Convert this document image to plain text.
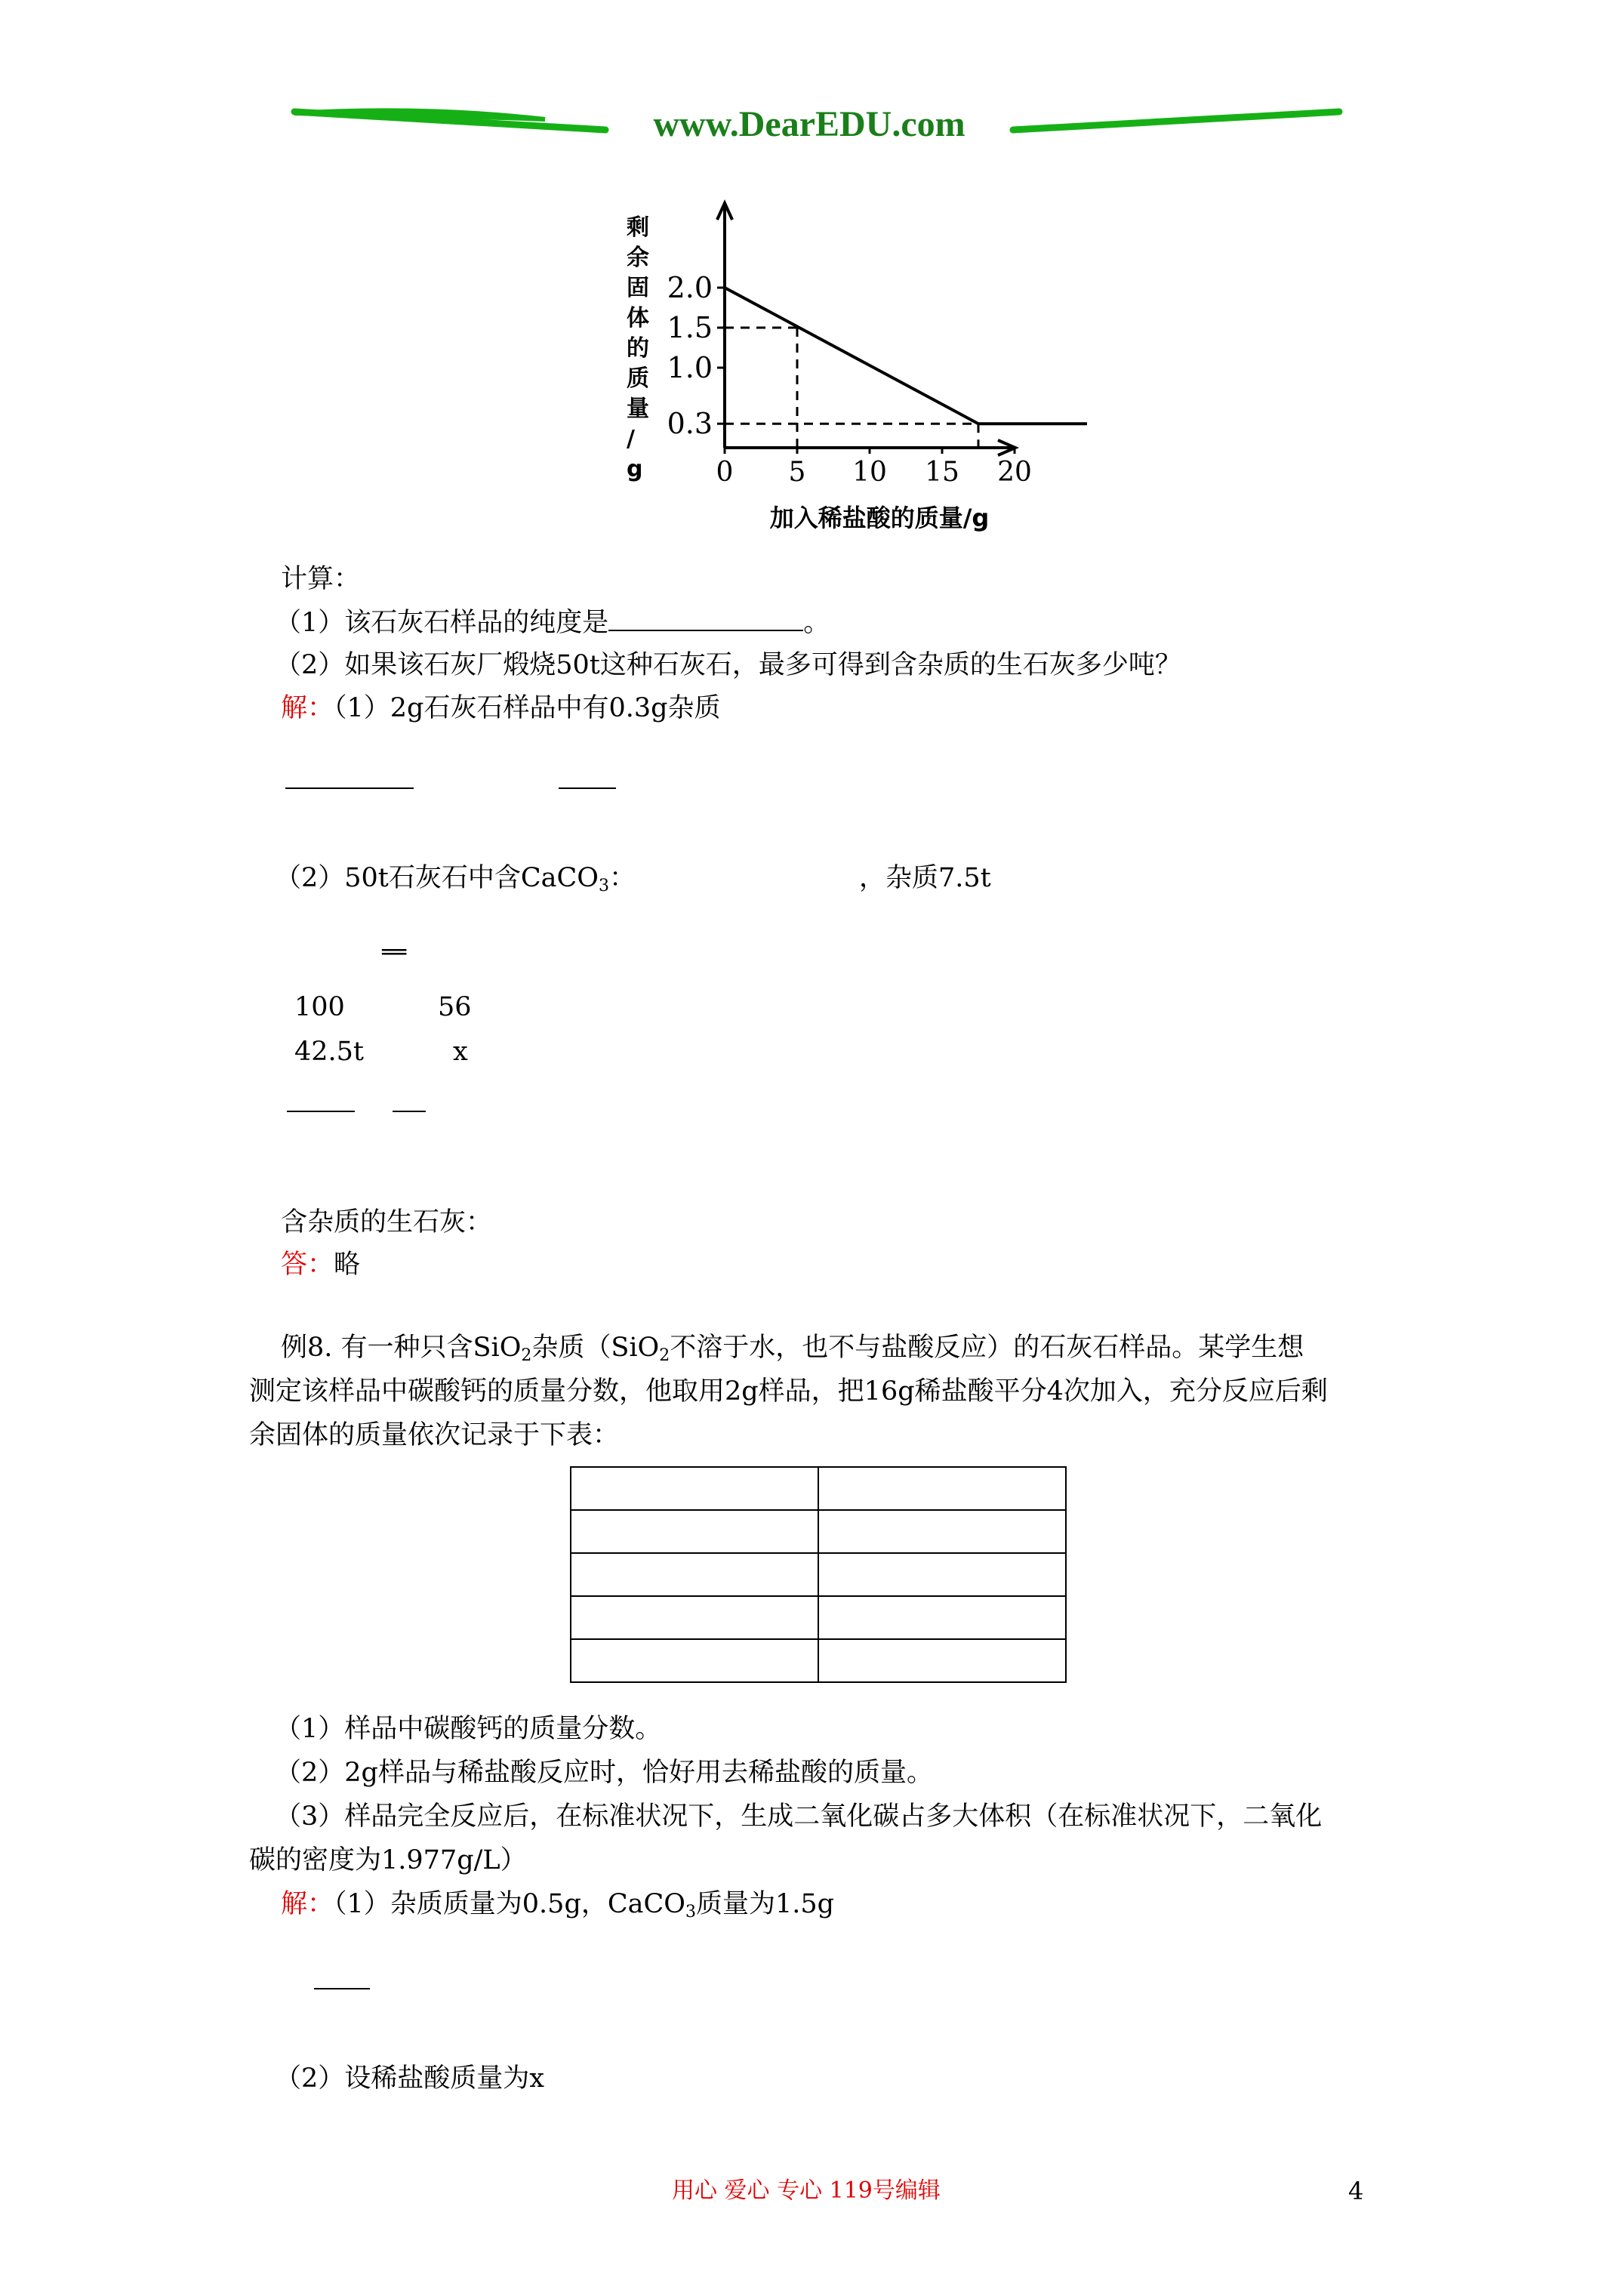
www.DearEDU.com
2.0
1.5
1.0
0.3
0 5 10 15 20
剩余固体的质量/ g
加入稀盐酸的质量/g
计算：
（1）该石灰石样品的纯度是	。
（2）如果该石灰厂煅烧50t这种石灰石，最多可得到含杂质的生石灰多少吨？
解：（1）2g石灰石样品中有0.3g杂质
（2）50t石灰石中含CaCO$_3$：	，杂质7.5t
══
100	56
42.5t	x
含杂质的生石灰：
答：略
例8. 有一种只含SiO$_2$杂质（SiO$_2$不溶于水，也不与盐酸反应）的石灰石样品。某学生想
测定该样品中碳酸钙的质量分数，他取用2g样品，把16g稀盐酸平分4次加入，充分反应后剩
余固体的质量依次记录于下表：

（1）样品中碳酸钙的质量分数。
（2）2g样品与稀盐酸反应时，恰好用去稀盐酸的质量。
（3）样品完全反应后，在标准状况下，生成二氧化碳占多大体积（在标准状况下，二氧化
碳的密度为1.977g/L）
解：（1）杂质质量为0.5g，CaCO$_3$质量为1.5g
（2）设稀盐酸质量为x
用心 爱心 专心 119号编辑	4
